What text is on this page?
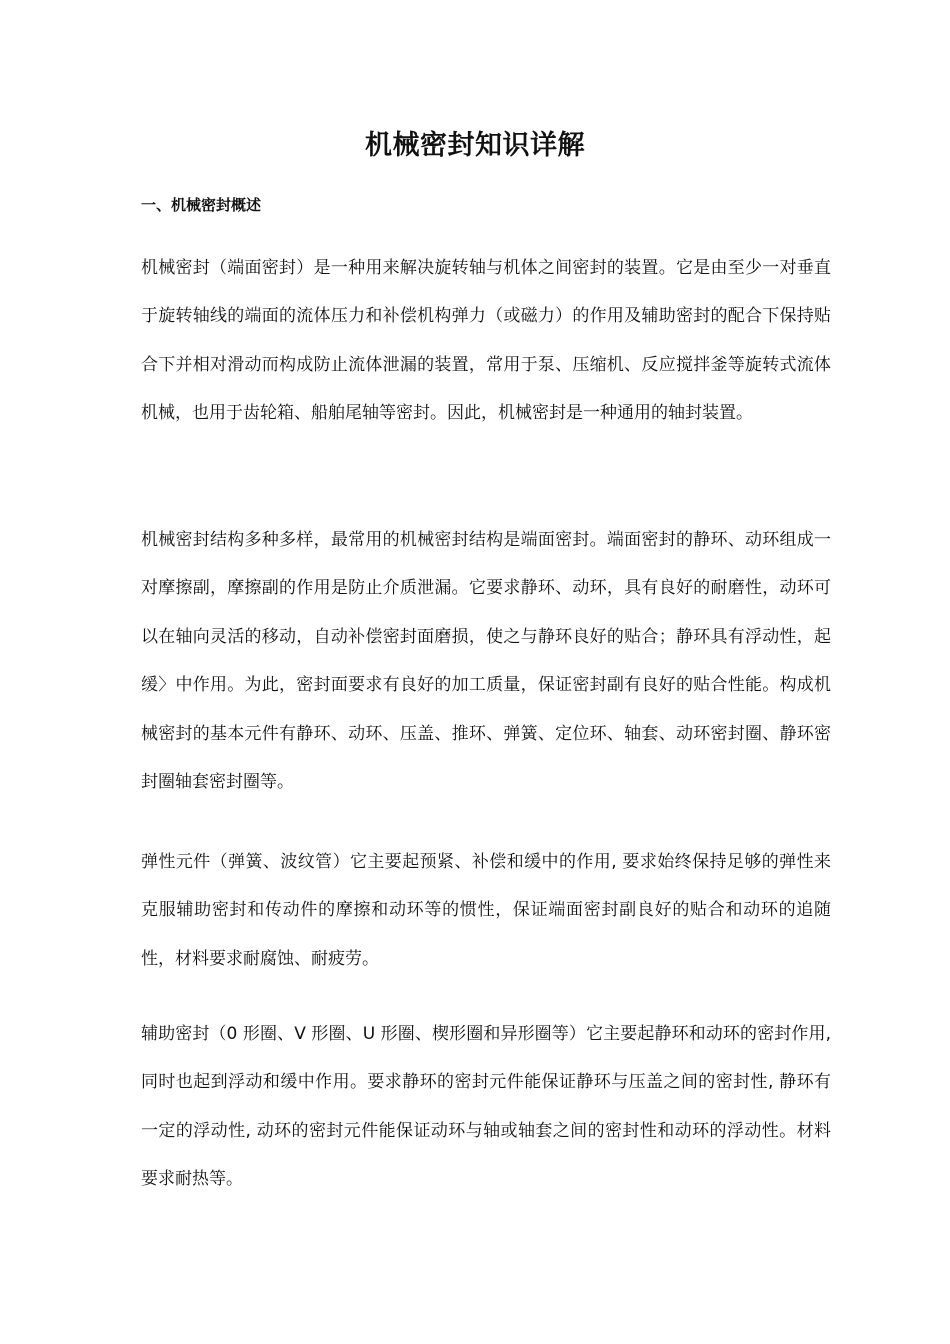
机械密封知识详解
一、机械密封概述

机械密封（端面密封）是一种用来解决旋转轴与机体之间密封的装置。它是由至少一对垂直于旋转轴线的端面的流体压力和补偿机构弹力（或磁力）的作用及辅助密封的配合下保持贴合下并相对滑动而构成防止流体泄漏的装置，常用于泵、压缩机、反应搅拌釜等旋转式流体机械，也用于齿轮箱、船舶尾轴等密封。因此，机械密封是一种通用的轴封装置。

机械密封结构多种多样，最常用的机械密封结构是端面密封。端面密封的静环、动环组成一对摩擦副，摩擦副的作用是防止介质泄漏。它要求静环、动环，具有良好的耐磨性，动环可以在轴向灵活的移动，自动补偿密封面磨损，使之与静环良好的贴合；静环具有浮动性，起缓〉中作用。为此，密封面要求有良好的加工质量，保证密封副有良好的贴合性能。构成机械密封的基本元件有静环、动环、压盖、推环、弹簧、定位环、轴套、动环密封圈、静环密封圈轴套密封圈等。

弹性元件（弹簧、波纹管）它主要起预紧、补偿和缓中的作用, 要求始终保持足够的弹性来克服辅助密封和传动件的摩擦和动环等的惯性，保证端面密封副良好的贴合和动环的追随性，材料要求耐腐蚀、耐疲劳。

辅助密封（0 形圈、V 形圈、U 形圈、楔形圈和异形圈等）它主要起静环和动环的密封作用, 同时也起到浮动和缓中作用。要求静环的密封元件能保证静环与压盖之间的密封性, 静环有一定的浮动性, 动环的密封元件能保证动环与轴或轴套之间的密封性和动环的浮动性。材料要求耐热等。
